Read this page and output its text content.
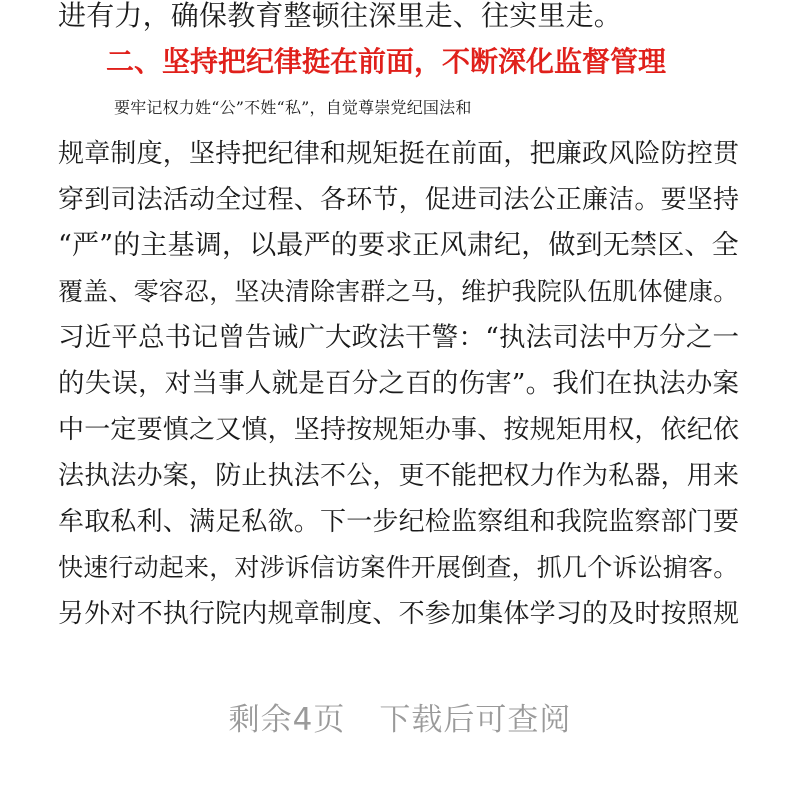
进有力，确保教育整顿往深里走、往实里走。
二、坚持把纪律挺在前面，不断深化监督管理
要牢记权力姓“公”不姓“私”，自觉尊崇党纪国法和
规章制度，坚持把纪律和规矩挺在前面，把廉政风险防控贯
穿到司法活动全过程、各环节，促进司法公正廉洁。要坚持
“严”的主基调，以最严的要求正风肃纪，做到无禁区、全
覆盖、零容忍，坚决清除害群之马，维护我院队伍肌体健康。
习近平总书记曾告诫广大政法干警：“执法司法中万分之一
的失误，对当事人就是百分之百的伤害”。我们在执法办案
中一定要慎之又慎，坚持按规矩办事、按规矩用权，依纪依
法执法办案，防止执法不公，更不能把权力作为私器，用来
牟取私利、满足私欲。下一步纪检监察组和我院监察部门要
快速行动起来，对涉诉信访案件开展倒查，抓几个诉讼掮客。
另外对不执行院内规章制度、不参加集体学习的及时按照规
剩余4页 下载后可查阅
